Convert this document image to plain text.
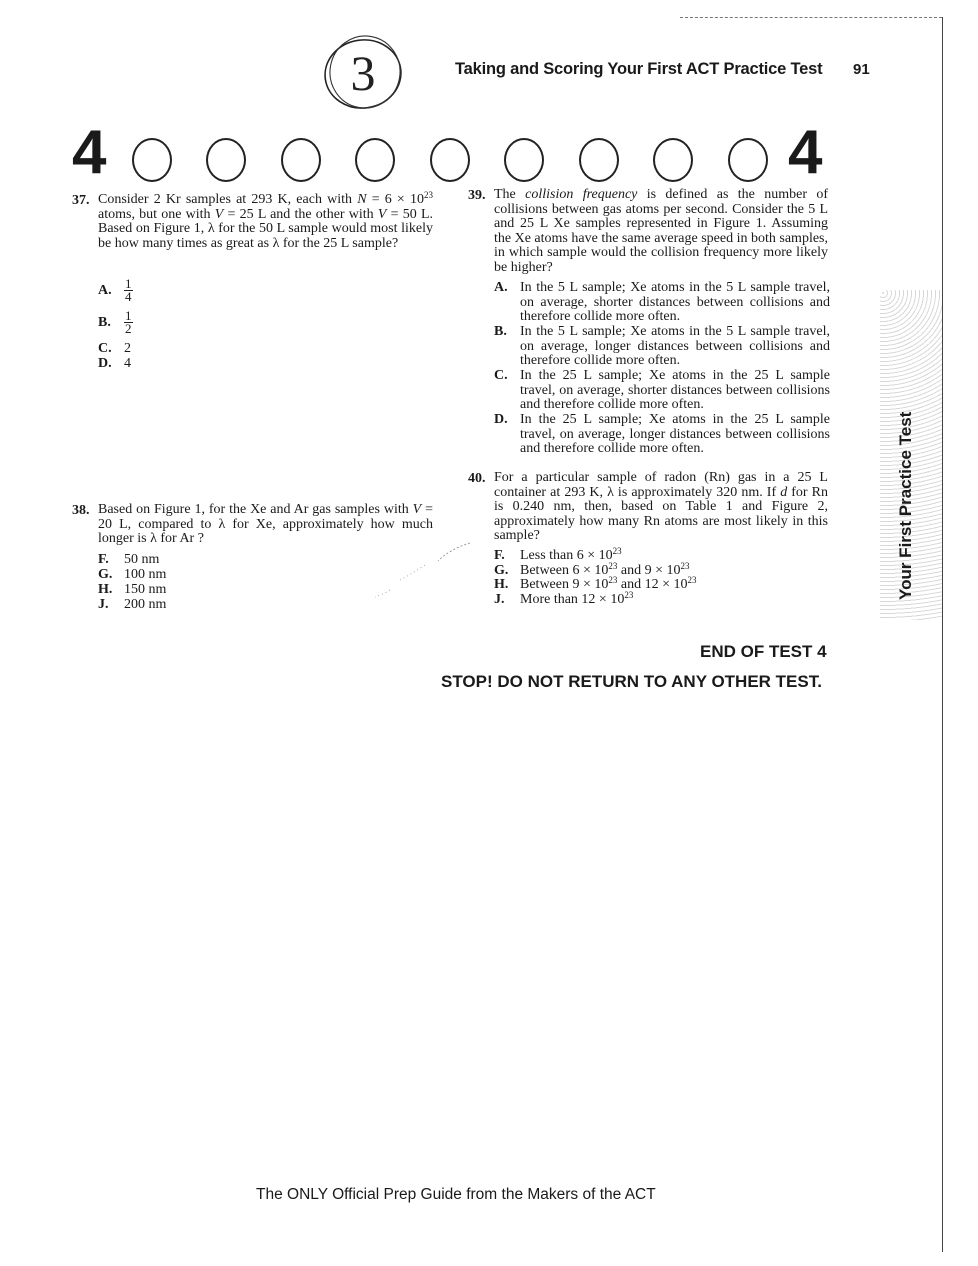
3	Taking and Scoring Your First ACT Practice Test 91
4	4
37. Consider 2 Kr samples at 293 K, each with $N = 6 \times 10^{23}$ atoms, but one with V = 25 L and the other with V = 50 L. Based on Figure 1, λ for the 50 L sample would most likely be how many times as great as λ for the 25 L sample?
A. $\frac{1}{4}$
B. $\frac{1}{2}$
C. 2
D. 4
38. Based on Figure 1, for the Xe and Ar gas samples with V = 20 L, compared to λ for Xe, approximately how much longer is λ for Ar ?
F. 50 nm
G. 100 nm
H. 150 nm
J. 200 nm
39. The collision frequency is defined as the number of collisions between gas atoms per second. Consider the 5 L and 25 L Xe samples represented in Figure 1. Assuming the Xe atoms have the same average speed in both samples, in which sample would the collision frequency more likely be higher?
A. In the 5 L sample; Xe atoms in the 5 L sample travel, on average, shorter distances between collisions and therefore collide more often.
B. In the 5 L sample; Xe atoms in the 5 L sample travel, on average, longer distances between collisions and therefore collide more often.
C. In the 25 L sample; Xe atoms in the 25 L sample travel, on average, shorter distances between collisions and therefore collide more often.
D. In the 25 L sample; Xe atoms in the 25 L sample travel, on average, longer distances between collisions and therefore collide more often.
40. For a particular sample of radon (Rn) gas in a 25 L container at 293 K, λ is approximately 320 nm. If d for Rn is 0.240 nm, then, based on Table 1 and Figure 2, approximately how many Rn atoms are most likely in this sample?
F. Less than $6 \times 10^{23}$
G. Between $6 \times 10^{23}$ and $9 \times 10^{23}$
H. Between $9 \times 10^{23}$ and $12 \times 10^{23}$
J. More than $12 \times 10^{23}$
END OF TEST 4
STOP! DO NOT RETURN TO ANY OTHER TEST.
Your First Practice Test
The ONLY Official Prep Guide from the Makers of the ACT
